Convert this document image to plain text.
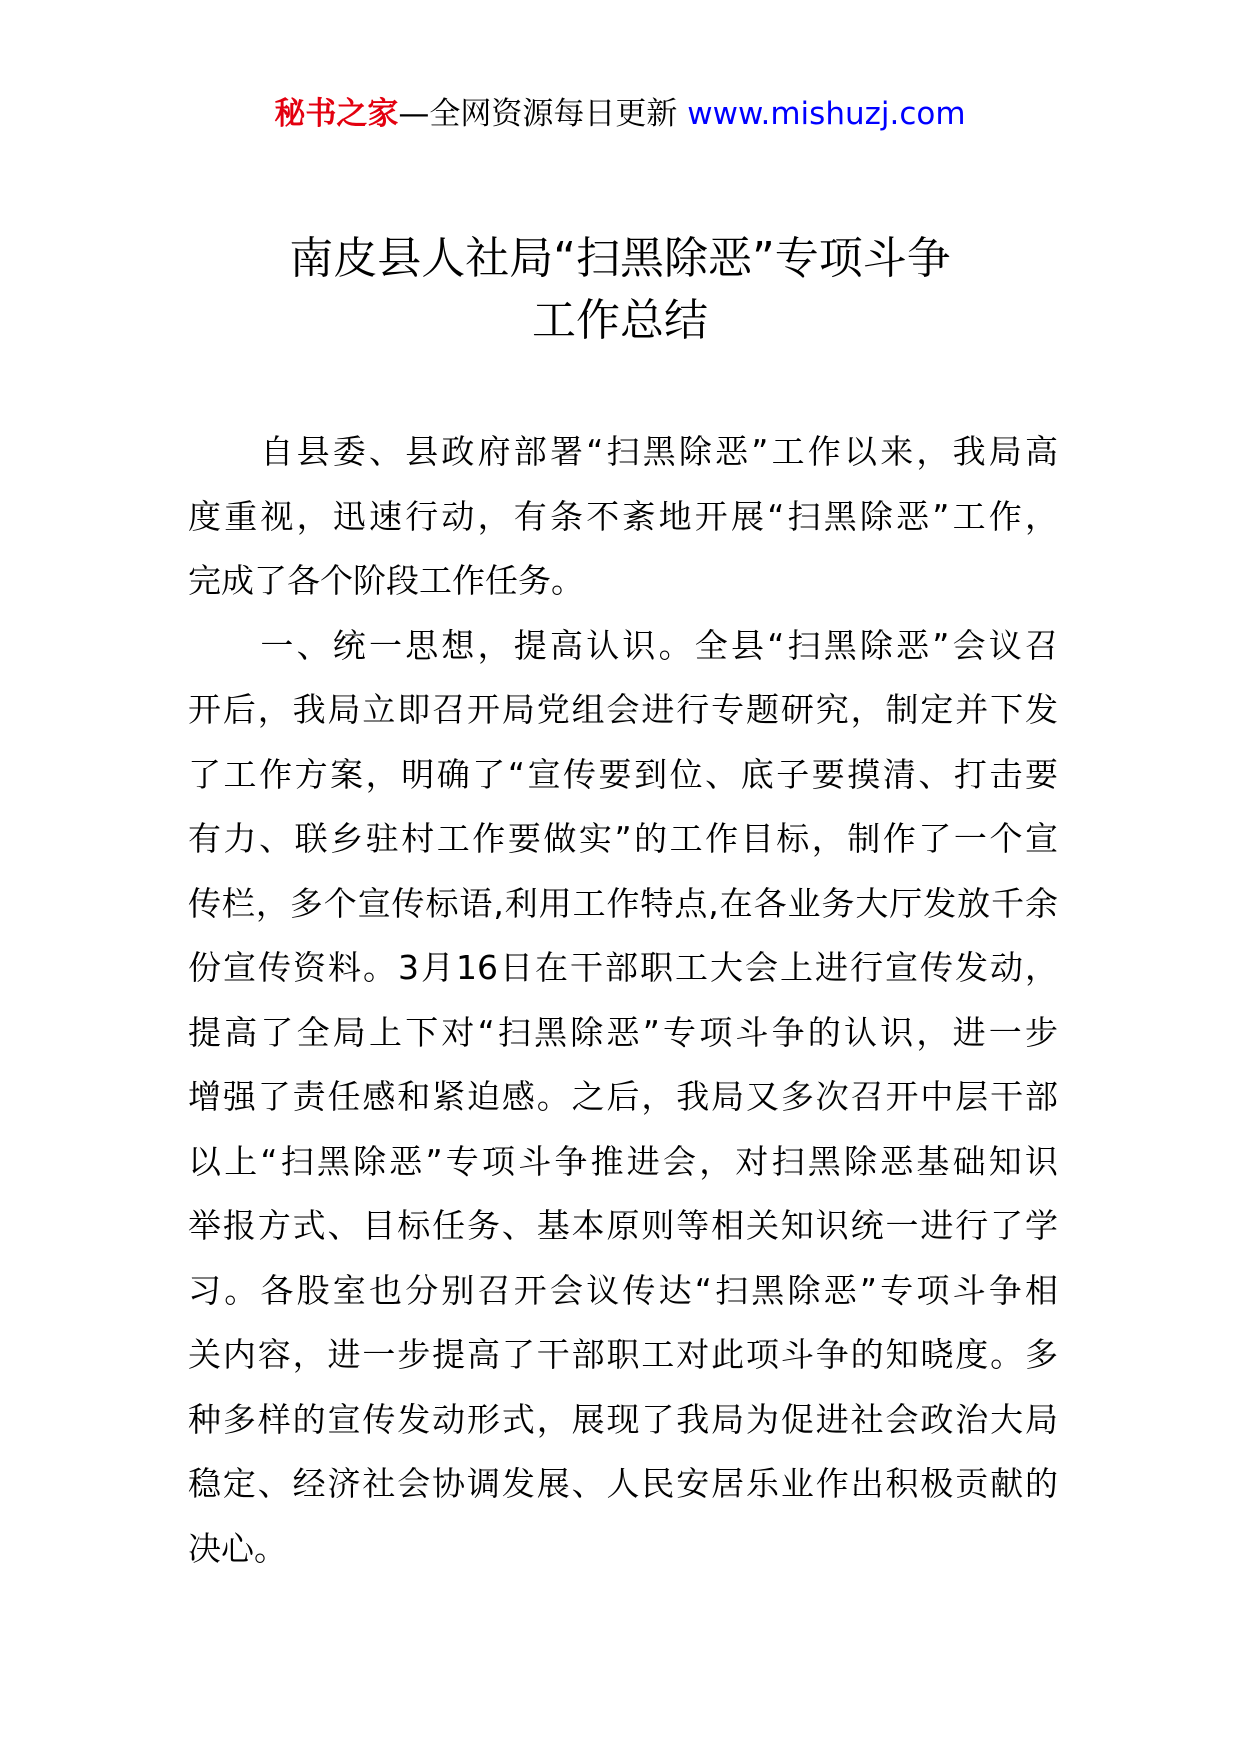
秘书之家—全网资源每日更新 www.mishuzj.com
南皮县人社局“扫黑除恶”专项斗争
工作总结
　　自县委、县政府部署“扫黑除恶”工作以来，我局高
度重视，迅速行动，有条不紊地开展“扫黑除恶”工作，
完成了各个阶段工作任务。
　　一、统一思想，提高认识。全县“扫黑除恶”会议召
开后，我局立即召开局党组会进行专题研究，制定并下发
了工作方案，明确了“宣传要到位、底子要摸清、打击要
有力、联乡驻村工作要做实”的工作目标，制作了一个宣
传栏，多个宣传标语,利用工作特点,在各业务大厅发放千余
份宣传资料。3月16日在干部职工大会上进行宣传发动，
提高了全局上下对“扫黑除恶”专项斗争的认识，进一步
增强了责任感和紧迫感。之后，我局又多次召开中层干部
以上“扫黑除恶”专项斗争推进会，对扫黑除恶基础知识
举报方式、目标任务、基本原则等相关知识统一进行了学
习。各股室也分别召开会议传达“扫黑除恶”专项斗争相
关内容，进一步提高了干部职工对此项斗争的知晓度。多
种多样的宣传发动形式，展现了我局为促进社会政治大局
稳定、经济社会协调发展、人民安居乐业作出积极贡献的
决心。
